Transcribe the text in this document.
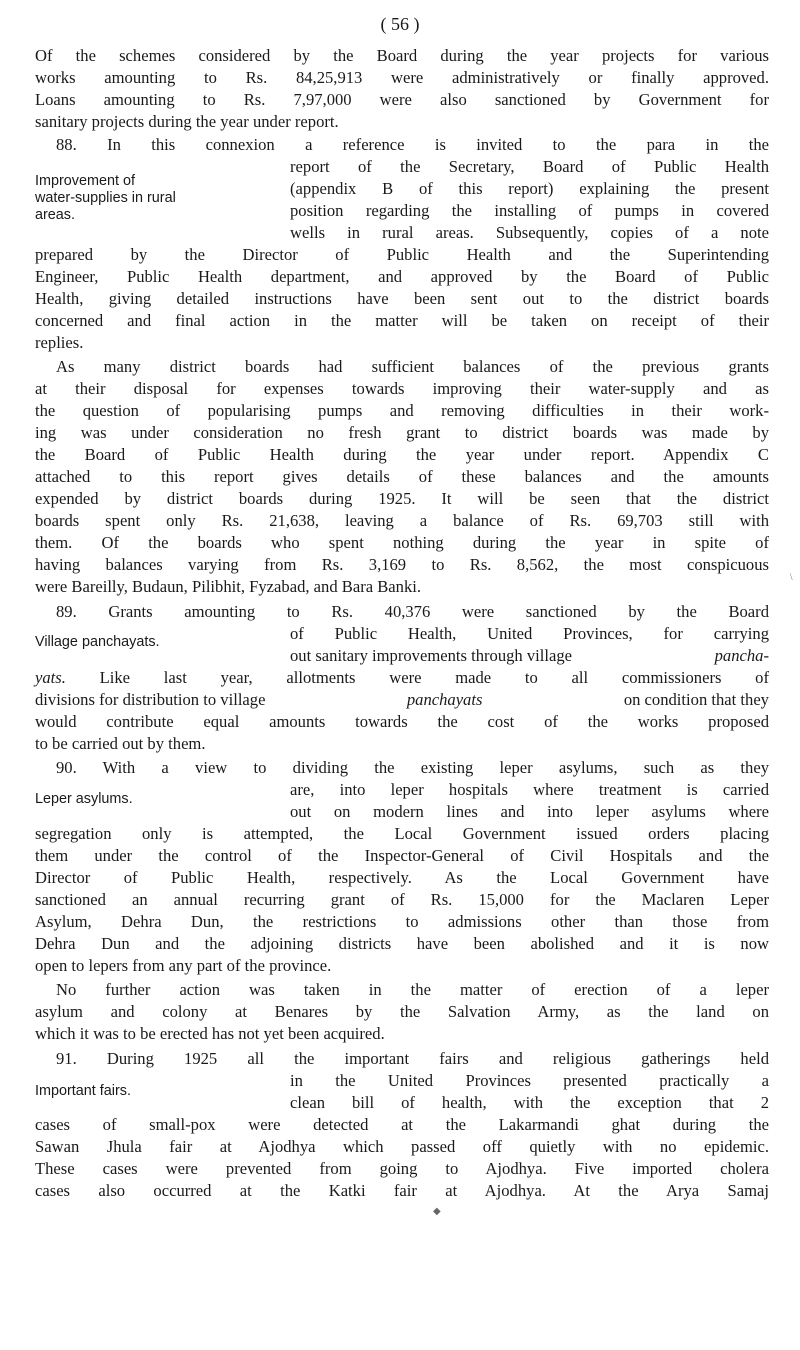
( 56 )
Of the schemes considered by the Board during the year projects for various
works amounting to Rs. 84,25,913 were administratively or finally approved.
Loans amounting to Rs. 7,97,000 were also sanctioned by Government for
sanitary projects during the year under report.
88. In this connexion a reference is invited to the para in the
report of the Secretary, Board of Public Health
(appendix B of this report) explaining the present
position regarding the installing of pumps in covered
wells in rural areas. Subsequently, copies of a note
Improvement of
water-supplies in rural
areas.
prepared by the Director of Public Health and the Superintending
Engineer, Public Health department, and approved by the Board of Public
Health, giving detailed instructions have been sent out to the district boards
concerned and final action in the matter will be taken on receipt of their
replies.
As many district boards had sufficient balances of the previous grants
at their disposal for expenses towards improving their water-supply and as
the question of popularising pumps and removing difficulties in their work-
ing was under consideration no fresh grant to district boards was made by
the Board of Public Health during the year under report. Appendix C
attached to this report gives details of these balances and the amounts
expended by district boards during 1925. It will be seen that the district
boards spent only Rs. 21,638, leaving a balance of Rs. 69,703 still with
them. Of the boards who spent nothing during the year in spite of
having balances varying from Rs. 3,169 to Rs. 8,562, the most conspicuous
were Bareilly, Budaun, Pilibhit, Fyzabad, and Bara Banki.
89. Grants amounting to Rs. 40,376 were sanctioned by the Board
of Public Health, United Provinces, for carrying
Village panchayats.
out sanitary improvements through village	pancha-
yats. Like last year, allotments were made to all commissioners of
divisions for distribution to village	panchayats	on condition that they
would contribute equal amounts towards the cost of the works proposed
to be carried out by them.
90. With a view to dividing the existing leper asylums, such as they
are, into leper hospitals where treatment is carried
out on modern lines and into leper asylums where
Leper asylums.
segregation only is attempted, the Local Government issued orders placing
them under the control of the Inspector-General of Civil Hospitals and the
Director of Public Health, respectively. As the Local Government have
sanctioned an annual recurring grant of Rs. 15,000 for the Maclaren Leper
Asylum, Dehra Dun, the restrictions to admissions other than those from
Dehra Dun and the adjoining districts have been abolished and it is now
open to lepers from any part of the province.
No further action was taken in the matter of erection of a leper
asylum and colony at Benares by the Salvation Army, as the land on
which it was to be erected has not yet been acquired.
91. During 1925 all the important fairs and religious gatherings held
in the United Provinces presented practically a
clean bill of health, with the exception that 2
Important fairs.
cases of small-pox were detected at the Lakarmandi ghat during the
Sawan Jhula fair at Ajodhya which passed off quietly with no epidemic.
These cases were prevented from going to Ajodhya. Five imported cholera
cases also occurred at the Katki fair at Ajodhya. At the Arya Samaj
◆
\
